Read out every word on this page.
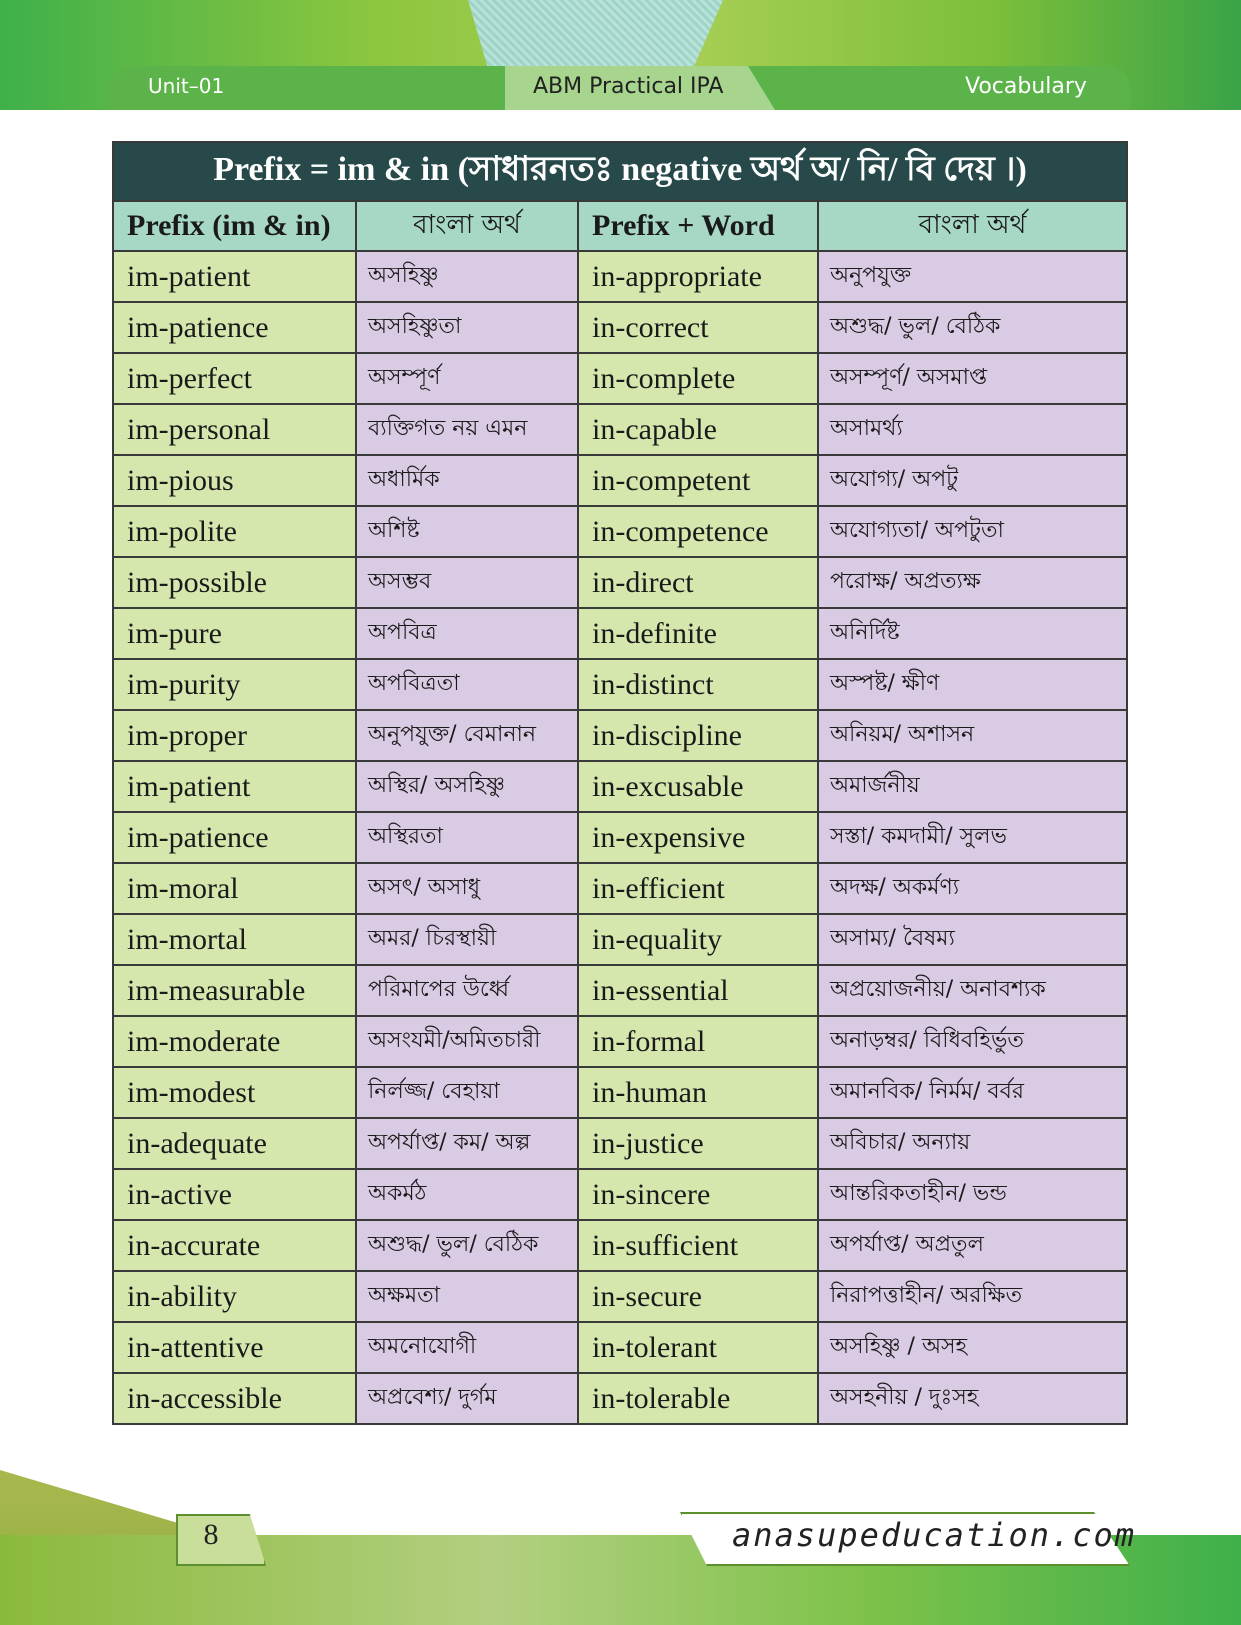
Unit–01	ABM Practical IPA	Vocabulary
Prefix = im & in (সাধারনতঃ negative অর্থ অ/ নি/ বি দেয় ।)			
Prefix (im & in)	বাংলা অর্থ	Prefix + Word	বাংলা অর্থ
im-patient	অসহিষ্ণু	in-appropriate	অনুপযুক্ত
im-patience	অসহিষ্ণুতা	in-correct	অশুদ্ধ/ ভুল/ বেঠিক
im-perfect	অসম্পূর্ণ	in-complete	অসম্পূর্ণ/ অসমাপ্ত
im-personal	ব্যক্তিগত নয় এমন	in-capable	অসামর্থ্য
im-pious	অধার্মিক	in-competent	অযোগ্য/ অপটু
im-polite	অশিষ্ট	in-competence	অযোগ্যতা/ অপটুতা
im-possible	অসম্ভব	in-direct	পরোক্ষ/ অপ্রত্যক্ষ
im-pure	অপবিত্র	in-definite	অনির্দিষ্ট
im-purity	অপবিত্রতা	in-distinct	অস্পষ্ট/ ক্ষীণ
im-proper	অনুপযুক্ত/ বেমানান	in-discipline	অনিয়ম/ অশাসন
im-patient	অস্থির/ অসহিষ্ণু	in-excusable	অমার্জনীয়
im-patience	অস্থিরতা	in-expensive	সস্তা/ কমদামী/ সুলভ
im-moral	অসৎ/ অসাধু	in-efficient	অদক্ষ/ অকর্মণ্য
im-mortal	অমর/ চিরস্থায়ী	in-equality	অসাম্য/ বৈষম্য
im-measurable	পরিমাপের উর্ধ্বে	in-essential	অপ্রয়োজনীয়/ অনাবশ্যক
im-moderate	অসংযমী/অমিতচারী	in-formal	অনাড়ম্বর/ বিধিবহির্ভুত
im-modest	নির্লজ্জ/ বেহায়া	in-human	অমানবিক/ নির্মম/ বর্বর
in-adequate	অপর্যাপ্ত/ কম/ অল্প	in-justice	অবিচার/ অন্যায়
in-active	অকর্মঠ	in-sincere	আন্তরিকতাহীন/ ভন্ড
in-accurate	অশুদ্ধ/ ভুল/ বেঠিক	in-sufficient	অপর্যাপ্ত/ অপ্রতুল
in-ability	অক্ষমতা	in-secure	নিরাপত্তাহীন/ অরক্ষিত
in-attentive	অমনোযোগী	in-tolerant	অসহিষ্ণু / অসহ
in-accessible	অপ্রবেশ্য/ দুর্গম	in-tolerable	অসহনীয় / দুঃসহ
8	anasupeducation.com
